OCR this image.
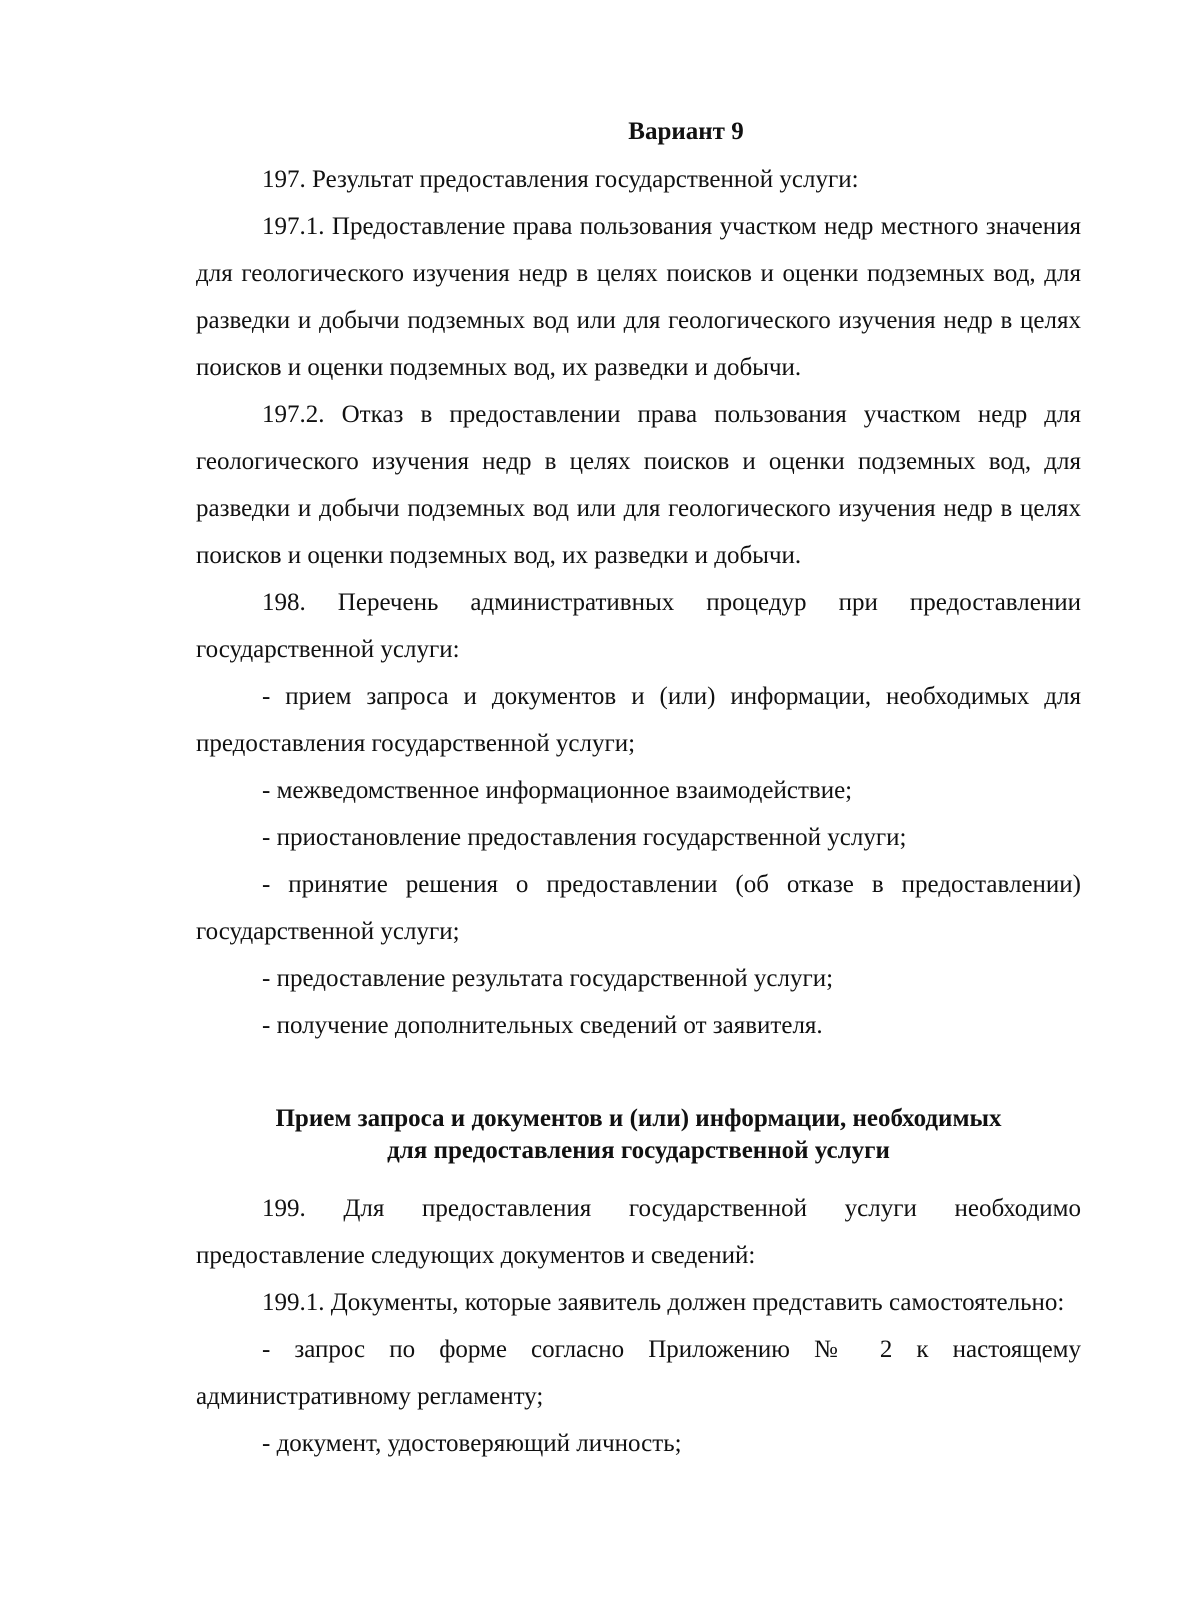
Вариант 9

197. Результат предоставления государственной услуги:

197.1. Предоставление права пользования участком недр местного значения для геологического изучения недр в целях поисков и оценки подземных вод, для разведки и добычи подземных вод или для геологического изучения недр в целях поисков и оценки подземных вод, их разведки и добычи.

197.2. Отказ в предоставлении права пользования участком недр для геологического изучения недр в целях поисков и оценки подземных вод, для разведки и добычи подземных вод или для геологического изучения недр в целях поисков и оценки подземных вод, их разведки и добычи.

198. Перечень административных процедур при предоставлении государственной услуги:

- прием запроса и документов и (или) информации, необходимых для предоставления государственной услуги;

- межведомственное информационное взаимодействие;

- приостановление предоставления государственной услуги;

- принятие решения о предоставлении (об отказе в предоставлении) государственной услуги;

- предоставление результата государственной услуги;

- получение дополнительных сведений от заявителя.

Прием запроса и документов и (или) информации, необходимых
для предоставления государственной услуги

199. Для предоставления государственной услуги необходимо предоставление следующих документов и сведений:

199.1. Документы, которые заявитель должен представить самостоятельно:

- запрос по форме согласно Приложению № 2 к настоящему административному регламенту;

- документ, удостоверяющий личность;
